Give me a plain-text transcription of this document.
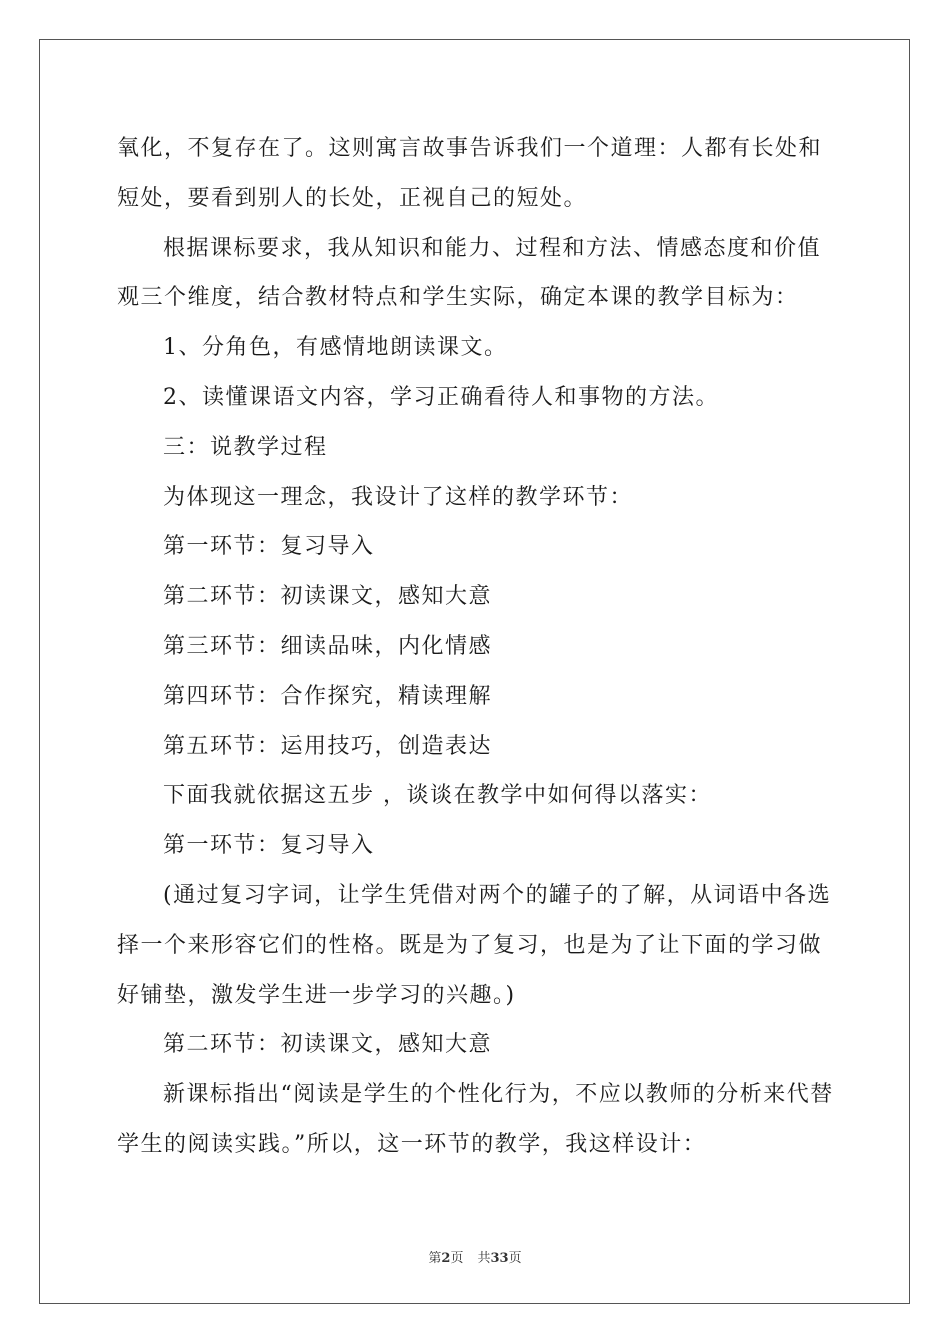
氧化，不复存在了。这则寓言故事告诉我们一个道理：人都有长处和短处，要看到别人的长处，正视自己的短处。

根据课标要求，我从知识和能力、过程和方法、情感态度和价值观三个维度，结合教材特点和学生实际，确定本课的教学目标为：

1、分角色，有感情地朗读课文。

2、读懂课语文内容，学习正确看待人和事物的方法。

三：说教学过程

为体现这一理念，我设计了这样的教学环节：

第一环节：复习导入

第二环节：初读课文，感知大意

第三环节：细读品味，内化情感

第四环节：合作探究，精读理解

第五环节：运用技巧，创造表达

下面我就依据这五步 ，谈谈在教学中如何得以落实：

第一环节：复习导入

(通过复习字词，让学生凭借对两个的罐子的了解，从词语中各选择一个来形容它们的性格。既是为了复习，也是为了让下面的学习做好铺垫，激发学生进一步学习的兴趣。)

第二环节：初读课文，感知大意

新课标指出“阅读是学生的个性化行为，不应以教师的分析来代替学生的阅读实践。”所以，这一环节的教学，我这样设计：

第2页 共33页
